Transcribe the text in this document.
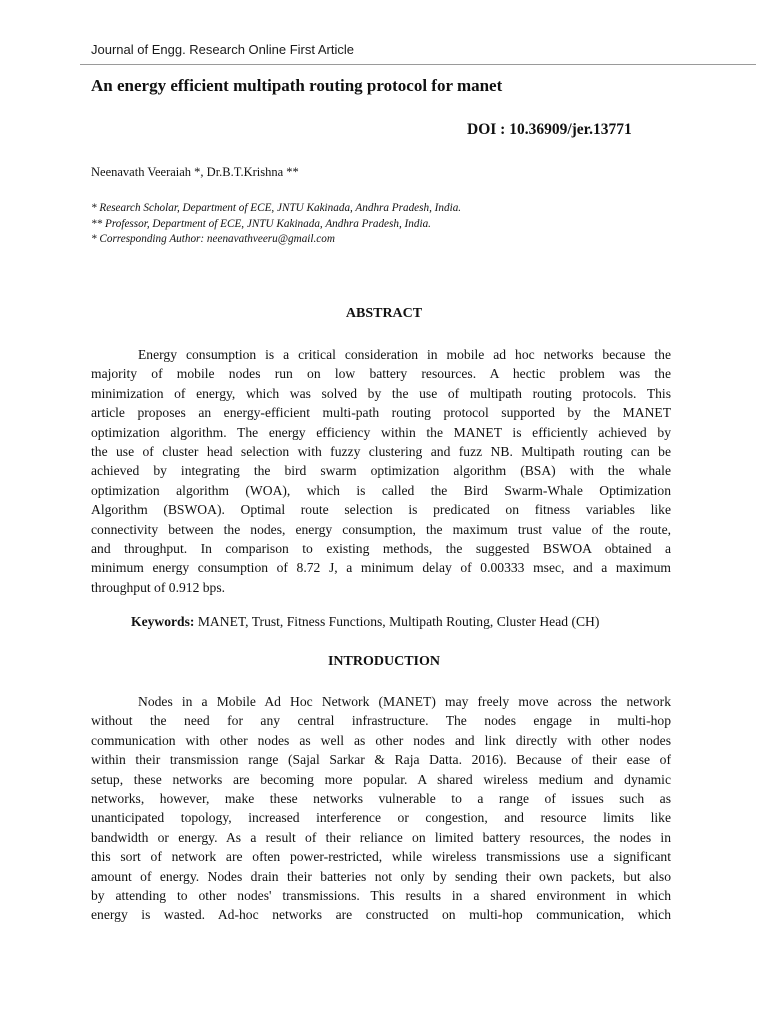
Journal of Engg. Research Online First Article
An energy efficient multipath routing protocol for manet
DOI : 10.36909/jer.13771
Neenavath Veeraiah *, Dr.B.T.Krishna **
* Research Scholar, Department of ECE, JNTU Kakinada, Andhra Pradesh, India.
** Professor, Department of ECE, JNTU Kakinada, Andhra Pradesh, India.
* Corresponding Author: neenavathveeru@gmail.com
ABSTRACT
Energy consumption is a critical consideration in mobile ad hoc networks because the
majority of mobile nodes run on low battery resources. A hectic problem was the
minimization of energy, which was solved by the use of multipath routing protocols. This
article proposes an energy-efficient multi-path routing protocol supported by the MANET
optimization algorithm. The energy efficiency within the MANET is efficiently achieved by
the use of cluster head selection with fuzzy clustering and fuzz NB. Multipath routing can be
achieved by integrating the bird swarm optimization algorithm (BSA) with the whale
optimization algorithm (WOA), which is called the Bird Swarm-Whale Optimization
Algorithm (BSWOA). Optimal route selection is predicated on fitness variables like
connectivity between the nodes, energy consumption, the maximum trust value of the route,
and throughput. In comparison to existing methods, the suggested BSWOA obtained a
minimum energy consumption of 8.72 J, a minimum delay of 0.00333 msec, and a maximum
throughput of 0.912 bps.
Keywords: MANET, Trust, Fitness Functions, Multipath Routing, Cluster Head (CH)
INTRODUCTION
Nodes in a Mobile Ad Hoc Network (MANET) may freely move across the network
without the need for any central infrastructure. The nodes engage in multi-hop
communication with other nodes as well as other nodes and link directly with other nodes
within their transmission range (Sajal Sarkar & Raja Datta. 2016). Because of their ease of
setup, these networks are becoming more popular. A shared wireless medium and dynamic
networks, however, make these networks vulnerable to a range of issues such as
unanticipated topology, increased interference or congestion, and resource limits like
bandwidth or energy. As a result of their reliance on limited battery resources, the nodes in
this sort of network are often power-restricted, while wireless transmissions use a significant
amount of energy. Nodes drain their batteries not only by sending their own packets, but also
by attending to other nodes' transmissions. This results in a shared environment in which
energy is wasted. Ad-hoc networks are constructed on multi-hop communication, which
